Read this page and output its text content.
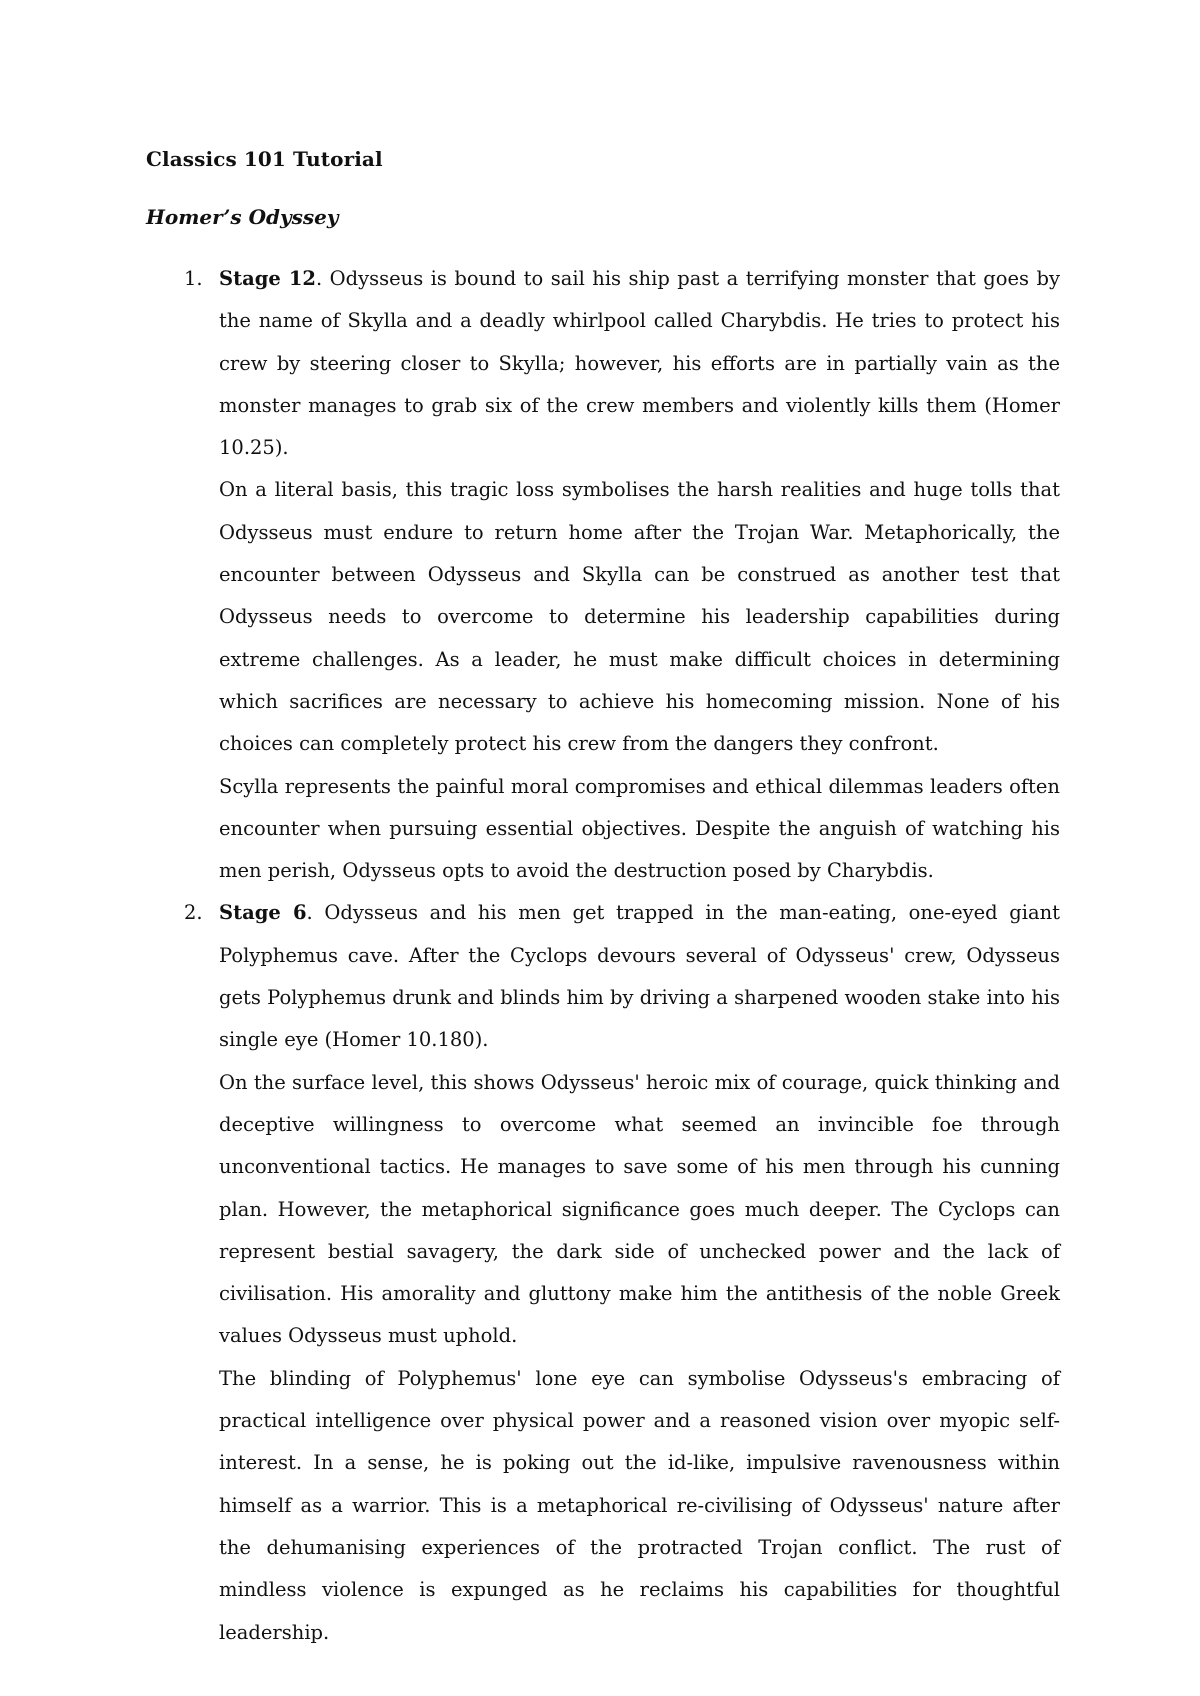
Classics 101 Tutorial
Homer’s Odyssey
1. Stage 12. Odysseus is bound to sail his ship past a terrifying monster that goes by the name of Skylla and a deadly whirlpool called Charybdis. He tries to protect his crew by steering closer to Skylla; however, his efforts are in partially vain as the monster manages to grab six of the crew members and violently kills them (Homer 10.25).

On a literal basis, this tragic loss symbolises the harsh realities and huge tolls that Odysseus must endure to return home after the Trojan War. Metaphorically, the encounter between Odysseus and Skylla can be construed as another test that Odysseus needs to overcome to determine his leadership capabilities during extreme challenges. As a leader, he must make difficult choices in determining which sacrifices are necessary to achieve his homecoming mission. None of his choices can completely protect his crew from the dangers they confront.

Scylla represents the painful moral compromises and ethical dilemmas leaders often encounter when pursuing essential objectives. Despite the anguish of watching his men perish, Odysseus opts to avoid the destruction posed by Charybdis.

2. Stage 6. Odysseus and his men get trapped in the man-eating, one-eyed giant Polyphemus cave. After the Cyclops devours several of Odysseus' crew, Odysseus gets Polyphemus drunk and blinds him by driving a sharpened wooden stake into his single eye (Homer 10.180).

On the surface level, this shows Odysseus' heroic mix of courage, quick thinking and deceptive willingness to overcome what seemed an invincible foe through unconventional tactics. He manages to save some of his men through his cunning plan. However, the metaphorical significance goes much deeper. The Cyclops can represent bestial savagery, the dark side of unchecked power and the lack of civilisation. His amorality and gluttony make him the antithesis of the noble Greek values Odysseus must uphold.

The blinding of Polyphemus' lone eye can symbolise Odysseus's embracing of practical intelligence over physical power and a reasoned vision over myopic self-interest. In a sense, he is poking out the id-like, impulsive ravenousness within himself as a warrior. This is a metaphorical re-civilising of Odysseus' nature after the dehumanising experiences of the protracted Trojan conflict. The rust of mindless violence is expunged as he reclaims his capabilities for thoughtful leadership.
